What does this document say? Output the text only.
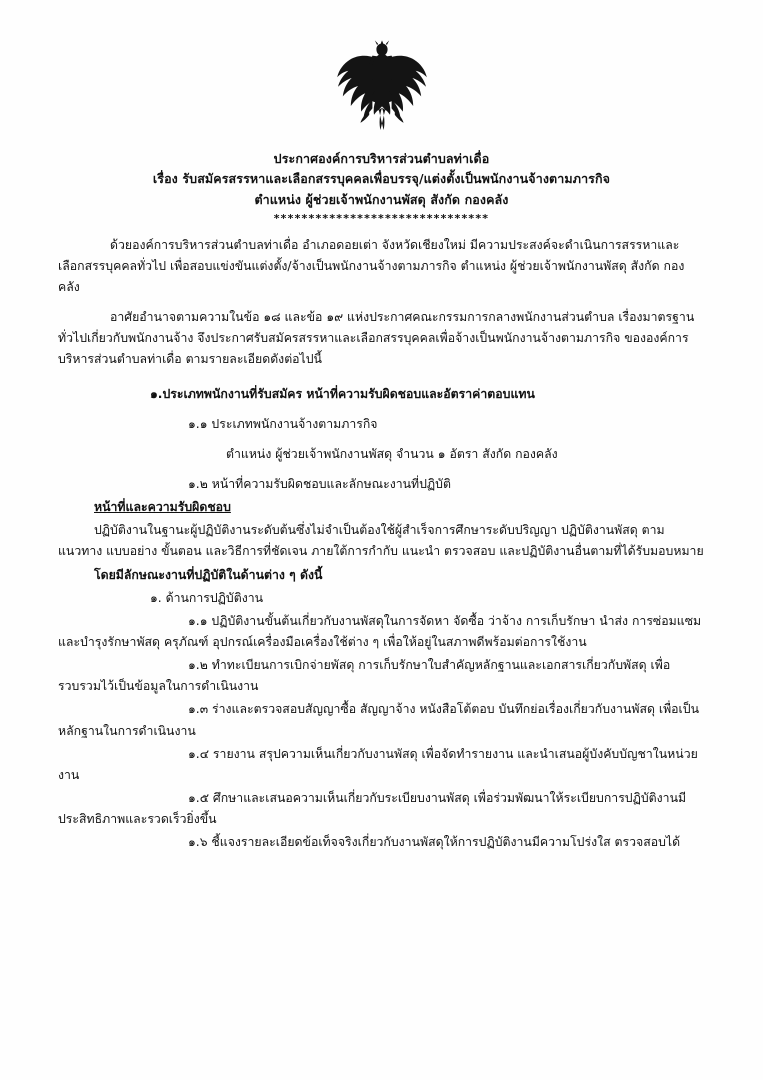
ประกาศองค์การบริหารส่วนตำบลท่าเดื่อ
เรื่อง รับสมัครสรรหาและเลือกสรรบุคคลเพื่อบรรจุ/แต่งตั้งเป็นพนักงานจ้างตามภารกิจ
ตำแหน่ง ผู้ช่วยเจ้าพนักงานพัสดุ สังกัด กองคลัง
*******************************

ด้วยองค์การบริหารส่วนตำบลท่าเดื่อ อำเภอดอยเต่า จังหวัดเชียงใหม่ มีความประสงค์จะดำเนินการสรรหาและเลือกสรรบุคคลทั่วไป เพื่อสอบแข่งขันแต่งตั้ง/จ้างเป็นพนักงานจ้างตามภารกิจ ตำแหน่ง ผู้ช่วยเจ้าพนักงานพัสดุ สังกัด กองคลัง

อาศัยอำนาจตามความในข้อ ๑๘ และข้อ ๑๙ แห่งประกาศคณะกรรมการกลางพนักงานส่วนตำบล เรื่องมาตรฐานทั่วไปเกี่ยวกับพนักงานจ้าง จึงประกาศรับสมัครสรรหาและเลือกสรรบุคคลเพื่อจ้างเป็นพนักงานจ้างตามภารกิจ ขององค์การบริหารส่วนตำบลท่าเดื่อ ตามรายละเอียดดังต่อไปนี้

๑.ประเภทพนักงานที่รับสมัคร หน้าที่ความรับผิดชอบและอัตราค่าตอบแทน

๑.๑ ประเภทพนักงานจ้างตามภารกิจ

ตำแหน่ง ผู้ช่วยเจ้าพนักงานพัสดุ จำนวน ๑ อัตรา สังกัด กองคลัง

๑.๒ หน้าที่ความรับผิดชอบและลักษณะงานที่ปฏิบัติ

หน้าที่และความรับผิดชอบ

ปฏิบัติงานในฐานะผู้ปฏิบัติงานระดับต้นซึ่งไม่จำเป็นต้องใช้ผู้สำเร็จการศึกษาระดับปริญญา ปฏิบัติงานพัสดุ ตามแนวทาง แบบอย่าง ขั้นตอน และวิธีการที่ชัดเจน ภายใต้การกำกับ แนะนำ ตรวจสอบ และปฏิบัติงานอื่นตามที่ได้รับมอบหมาย

โดยมีลักษณะงานที่ปฏิบัติในด้านต่าง ๆ ดังนี้

๑. ด้านการปฏิบัติงาน

๑.๑ ปฏิบัติงานขั้นต้นเกี่ยวกับงานพัสดุในการจัดหา จัดซื้อ ว่าจ้าง การเก็บรักษา นำส่ง การซ่อมแซม และบำรุงรักษาพัสดุ ครุภัณฑ์ อุปกรณ์เครื่องมือเครื่องใช้ต่าง ๆ เพื่อให้อยู่ในสภาพดีพร้อมต่อการใช้งาน

๑.๒ ทำทะเบียนการเบิกจ่ายพัสดุ การเก็บรักษาใบสำคัญหลักฐานและเอกสารเกี่ยวกับพัสดุ เพื่อรวบรวมไว้เป็นข้อมูลในการดำเนินงาน

๑.๓ ร่างและตรวจสอบสัญญาซื้อ สัญญาจ้าง หนังสือโต้ตอบ บันทึกย่อเรื่องเกี่ยวกับงานพัสดุ เพื่อเป็นหลักฐานในการดำเนินงาน

๑.๔ รายงาน สรุปความเห็นเกี่ยวกับงานพัสดุ เพื่อจัดทำรายงาน และนำเสนอผู้บังคับบัญชาในหน่วยงาน

๑.๕ ศึกษาและเสนอความเห็นเกี่ยวกับระเบียบงานพัสดุ เพื่อร่วมพัฒนาให้ระเบียบการปฏิบัติงานมีประสิทธิภาพและรวดเร็วยิ่งขึ้น

๑.๖ ชี้แจงรายละเอียดข้อเท็จจริงเกี่ยวกับงานพัสดุให้การปฏิบัติงานมีความโปร่งใส ตรวจสอบได้
